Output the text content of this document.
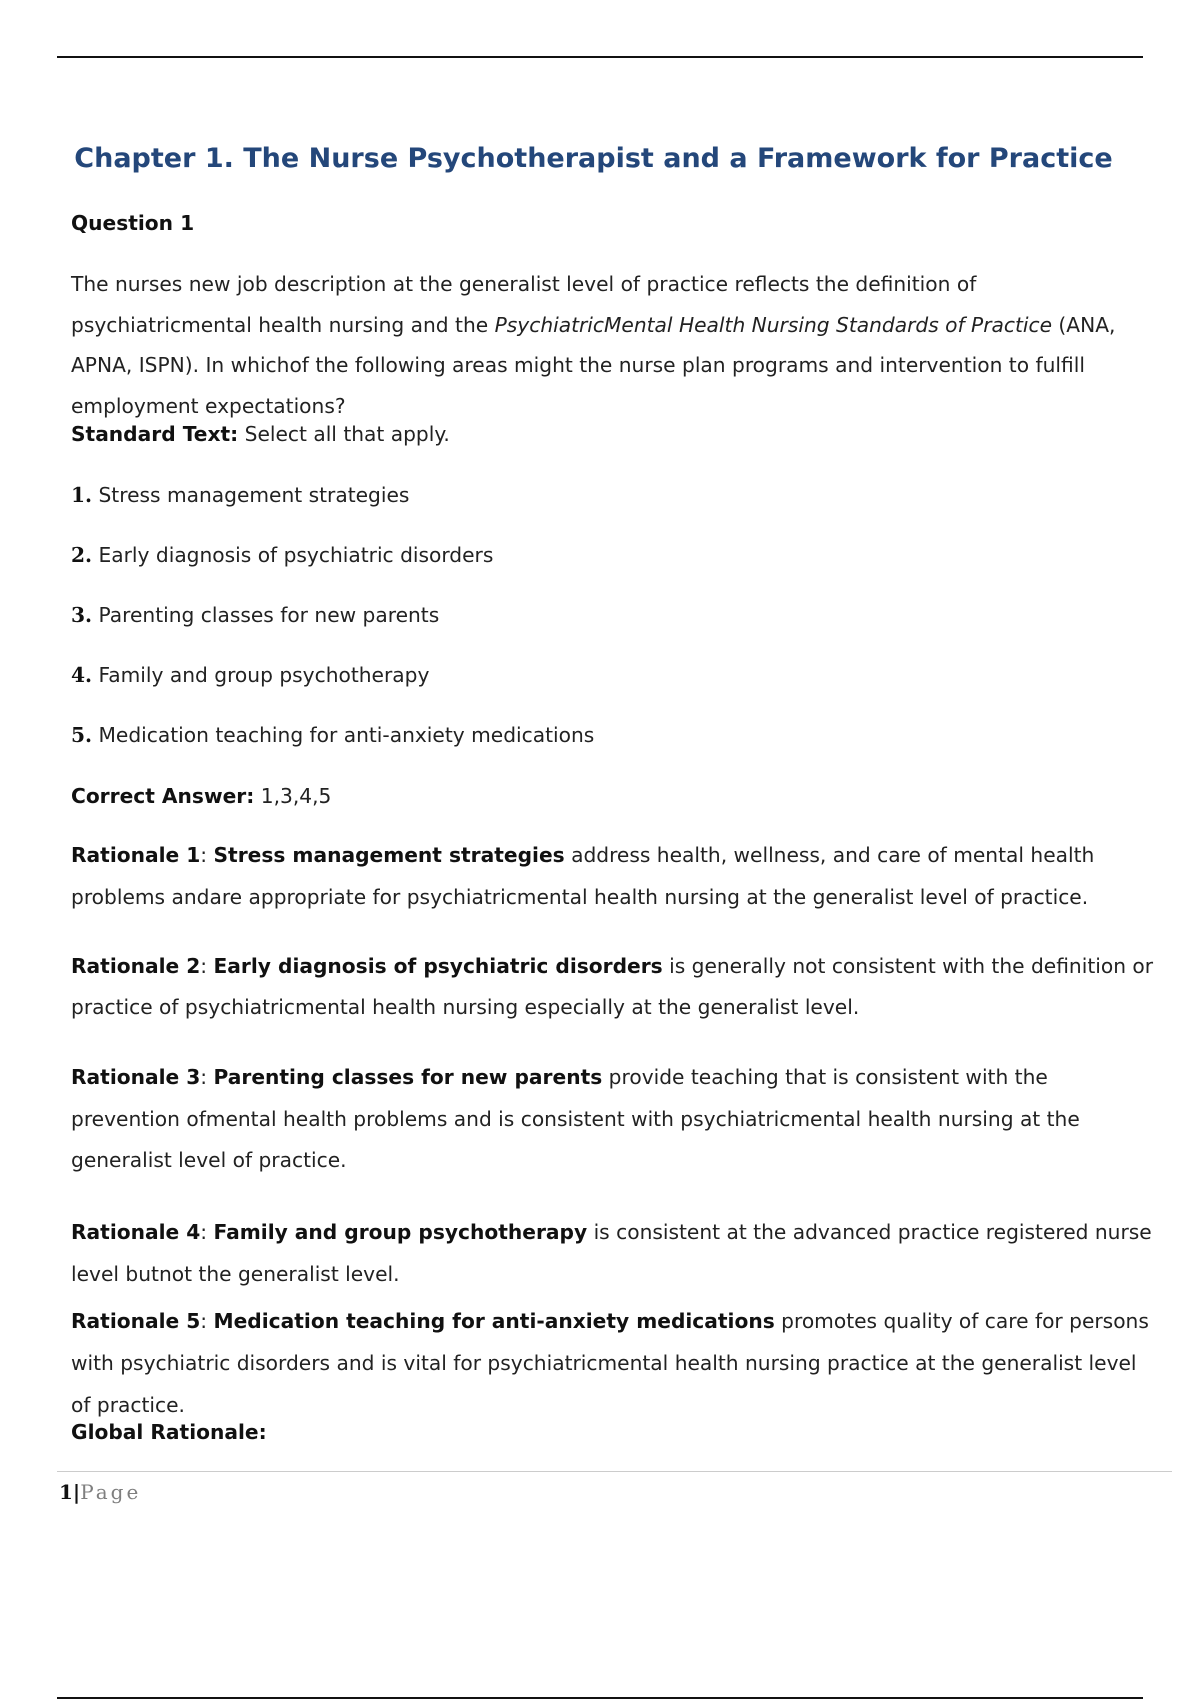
Chapter 1. The Nurse Psychotherapist and a Framework for Practice

Question 1

The nurses new job description at the generalist level of practice reflects the definition of psychiatricmental health nursing and the PsychiatricMental Health Nursing Standards of Practice (ANA, APNA, ISPN). In whichof the following areas might the nurse plan programs and intervention to fulfill employment expectations?

Standard Text: Select all that apply.

1. Stress management strategies

2. Early diagnosis of psychiatric disorders

3. Parenting classes for new parents

4. Family and group psychotherapy

5. Medication teaching for anti-anxiety medications

Correct Answer: 1,3,4,5

Rationale 1: Stress management strategies address health, wellness, and care of mental health problems andare appropriate for psychiatricmental health nursing at the generalist level of practice.

Rationale 2: Early diagnosis of psychiatric disorders is generally not consistent with the definition or practice of psychiatricmental health nursing especially at the generalist level.

Rationale 3: Parenting classes for new parents provide teaching that is consistent with the prevention ofmental health problems and is consistent with psychiatricmental health nursing at the generalist level of practice.

Rationale 4: Family and group psychotherapy is consistent at the advanced practice registered nurse level butnot the generalist level.

Rationale 5: Medication teaching for anti-anxiety medications promotes quality of care for persons with psychiatric disorders and is vital for psychiatricmental health nursing practice at the generalist level of practice.

Global Rationale:

1|Page
